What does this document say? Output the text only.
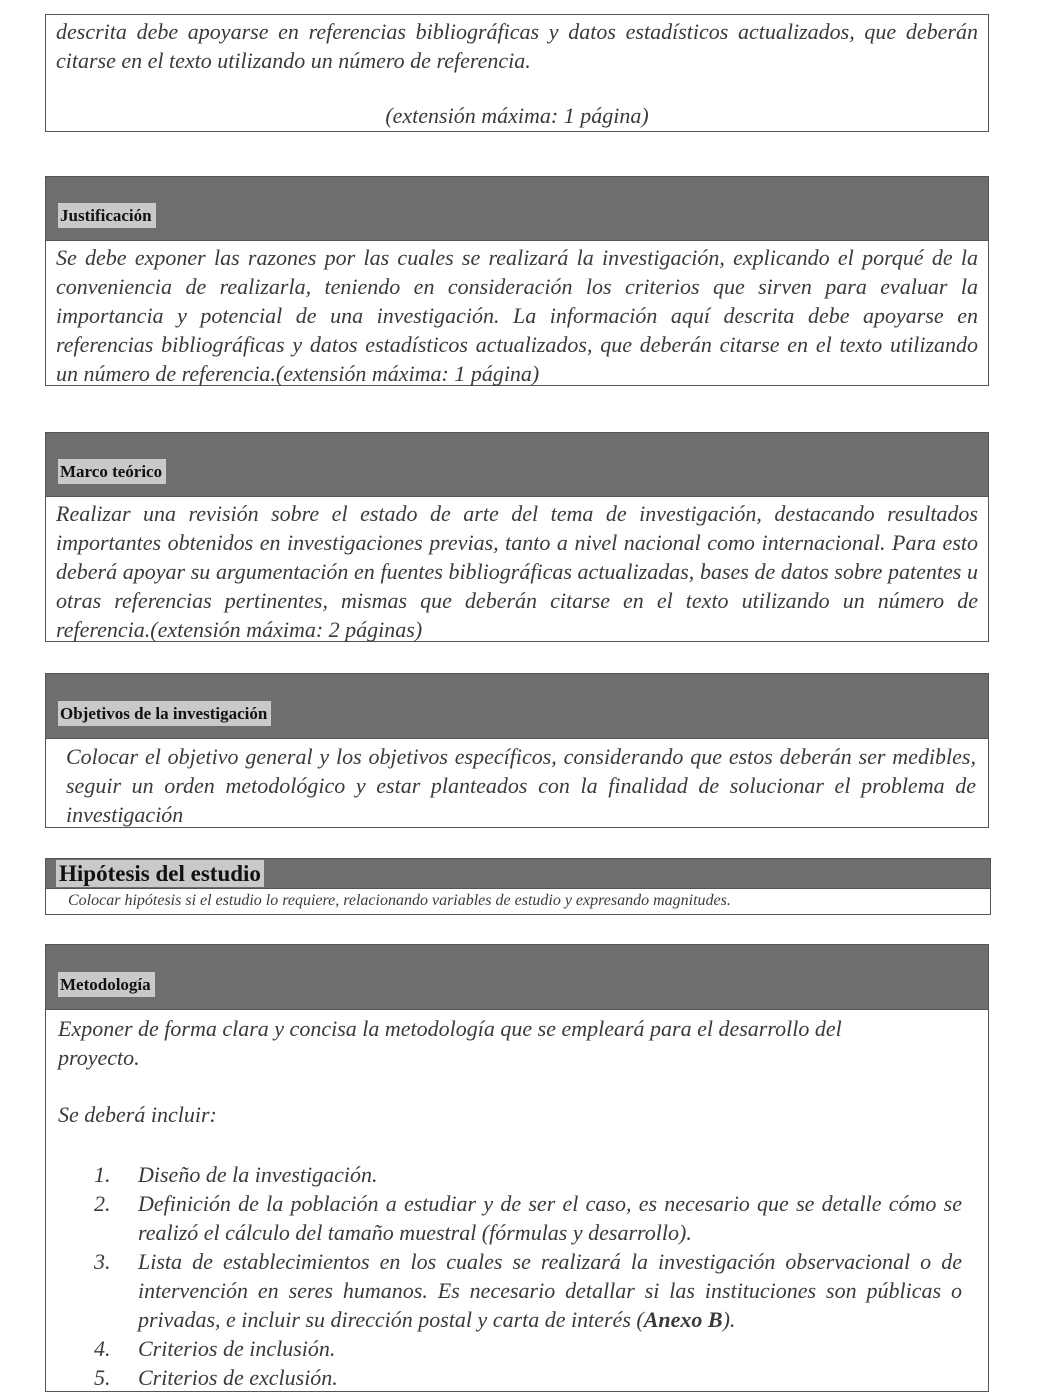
descrita debe apoyarse en referencias bibliográficas y datos estadísticos actualizados, que deberán citarse en el texto utilizando un número de referencia.
(extensión máxima: 1 página)
Justificación
Se debe exponer las razones por las cuales se realizará la investigación, explicando el porqué de la conveniencia de realizarla, teniendo en consideración los criterios que sirven para evaluar la importancia y potencial de una investigación. La información aquí descrita debe apoyarse en referencias bibliográficas y datos estadísticos actualizados, que deberán citarse en el texto utilizando un número de referencia.(extensión máxima: 1 página)
Marco teórico
Realizar una revisión sobre el estado de arte del tema de investigación, destacando resultados importantes obtenidos en investigaciones previas, tanto a nivel nacional como internacional. Para esto deberá apoyar su argumentación en fuentes bibliográficas actualizadas, bases de datos sobre patentes u otras referencias pertinentes, mismas que deberán citarse en el texto utilizando un número de referencia.(extensión máxima: 2 páginas)
Objetivos de la investigación
Colocar el objetivo general y los objetivos específicos, considerando que estos deberán ser medibles, seguir un orden metodológico y estar planteados con la finalidad de solucionar el problema de investigación
Hipótesis del estudio
Colocar hipótesis si el estudio lo requiere, relacionando variables de estudio y expresando magnitudes.
Metodología
Exponer de forma clara y concisa la metodología que se empleará para el desarrollo del proyecto.
Se deberá incluir:
1.	Diseño de la investigación.
2.	Definición de la población a estudiar y de ser el caso, es necesario que se detalle cómo se realizó el cálculo del tamaño muestral (fórmulas y desarrollo).
3.	Lista de establecimientos en los cuales se realizará la investigación observacional o de intervención en seres humanos. Es necesario detallar si las instituciones son públicas o privadas, e incluir su dirección postal y carta de interés (Anexo B).
4.	Criterios de inclusión.
5.	Criterios de exclusión.
